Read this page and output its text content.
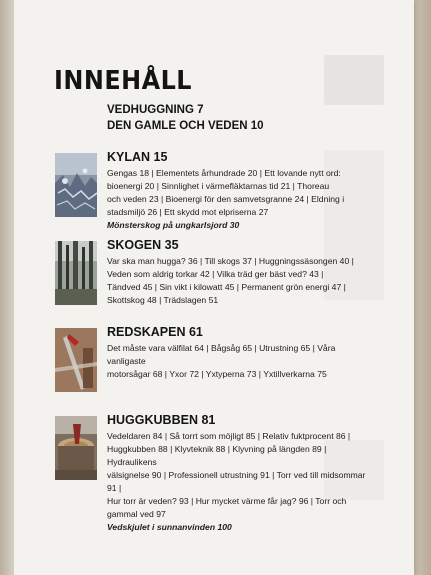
INNEHÅLL
VEDHUGGNING 7
DEN GAMLE OCH VEDEN 10
KYLAN 15
Gengas 18 | Elementets århundrade 20 | Ett lovande nytt ord:
bioenergi 20 | Sinnlighet i värmefläktarnas tid 21 | Thoreau
och veden 23 | Bioenergi för den samvetsgranne 24 | Eldning i
stadsmiljö 26 | Ett skydd mot elpriserna 27
Mönsterskog på ungkarlsjord 30
SKOGEN 35
Var ska man hugga? 36 | Till skogs 37 | Huggningssäsongen 40 |
Veden som aldrig torkar 42 | Vilka träd ger bäst ved? 43 |
Tändved 45 | Sin vikt i kilowatt 45 | Permanent grön energi 47 |
Skottskog 48 | Trädslagen 51
REDSKAPEN 61
Det måste vara välfilat 64 | Bågsåg 65 | Utrustning 65 | Våra vanligaste
motorsågar 68 | Yxor 72 | Yxtyperna 73 | Yxtillverkarna 75
HUGGKUBBEN 81
Vedeldaren 84 | Så torrt som möjligt 85 | Relativ fuktprocent 86 |
Huggkubben 88 | Klyvteknik 88 | Klyvning på längden 89 | Hydraulikens
välsignelse 90 | Professionell utrustning 91 | Torr ved till midsommar 91 |
Hur torr är veden? 93 | Hur mycket värme får jag? 96 | Torr och
gammal ved 97
Vedskjulet i sunnanvinden 100
